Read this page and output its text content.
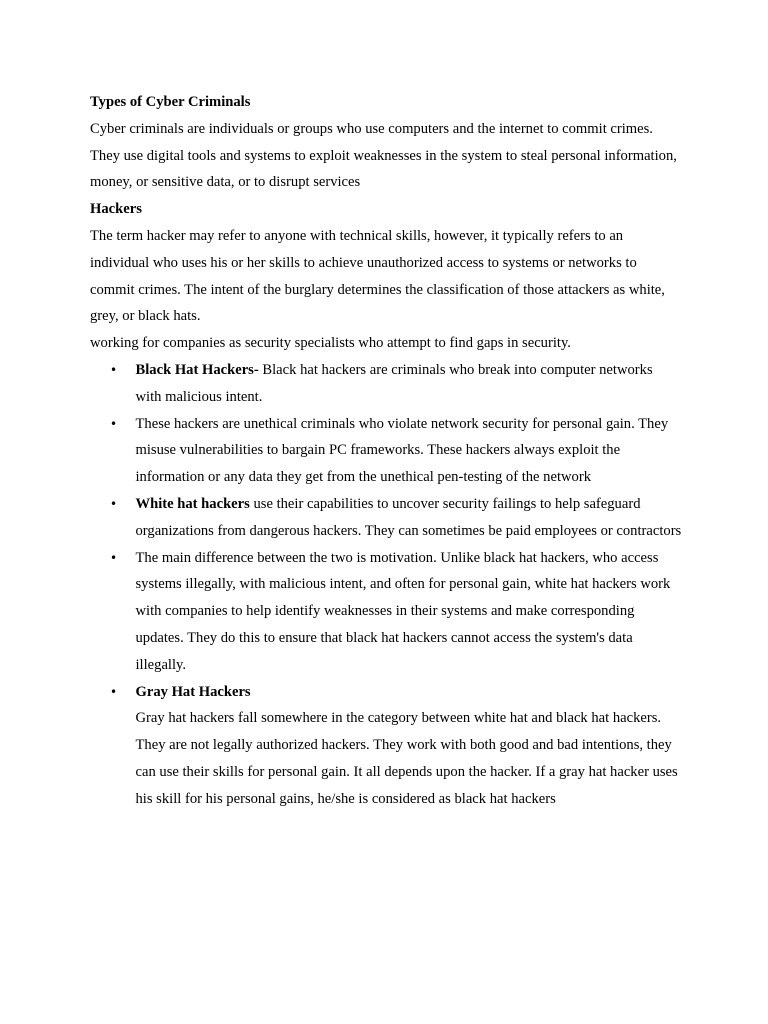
Types of Cyber Criminals

Cyber criminals are individuals or groups who use computers and the internet to commit crimes. They use digital tools and systems to exploit weaknesses in the system to steal personal information, money, or sensitive data, or to disrupt services

Hackers

The term hacker may refer to anyone with technical skills, however, it typically refers to an individual who uses his or her skills to achieve unauthorized access to systems or networks to commit crimes. The intent of the burglary determines the classification of those attackers as white, grey, or black hats.

working for companies as security specialists who attempt to find gaps in security.

• Black Hat Hackers- Black hat hackers are criminals who break into computer networks with malicious intent.
• These hackers are unethical criminals who violate network security for personal gain. They misuse vulnerabilities to bargain PC frameworks. These hackers always exploit the information or any data they get from the unethical pen-testing of the network
• White hat hackers use their capabilities to uncover security failings to help safeguard organizations from dangerous hackers. They can sometimes be paid employees or contractors
• The main difference between the two is motivation. Unlike black hat hackers, who access systems illegally, with malicious intent, and often for personal gain, white hat hackers work with companies to help identify weaknesses in their systems and make corresponding updates. They do this to ensure that black hat hackers cannot access the system's data illegally.
• Gray Hat Hackers
Gray hat hackers fall somewhere in the category between white hat and black hat hackers. They are not legally authorized hackers. They work with both good and bad intentions, they can use their skills for personal gain. It all depends upon the hacker. If a gray hat hacker uses his skill for his personal gains, he/she is considered as black hat hackers
